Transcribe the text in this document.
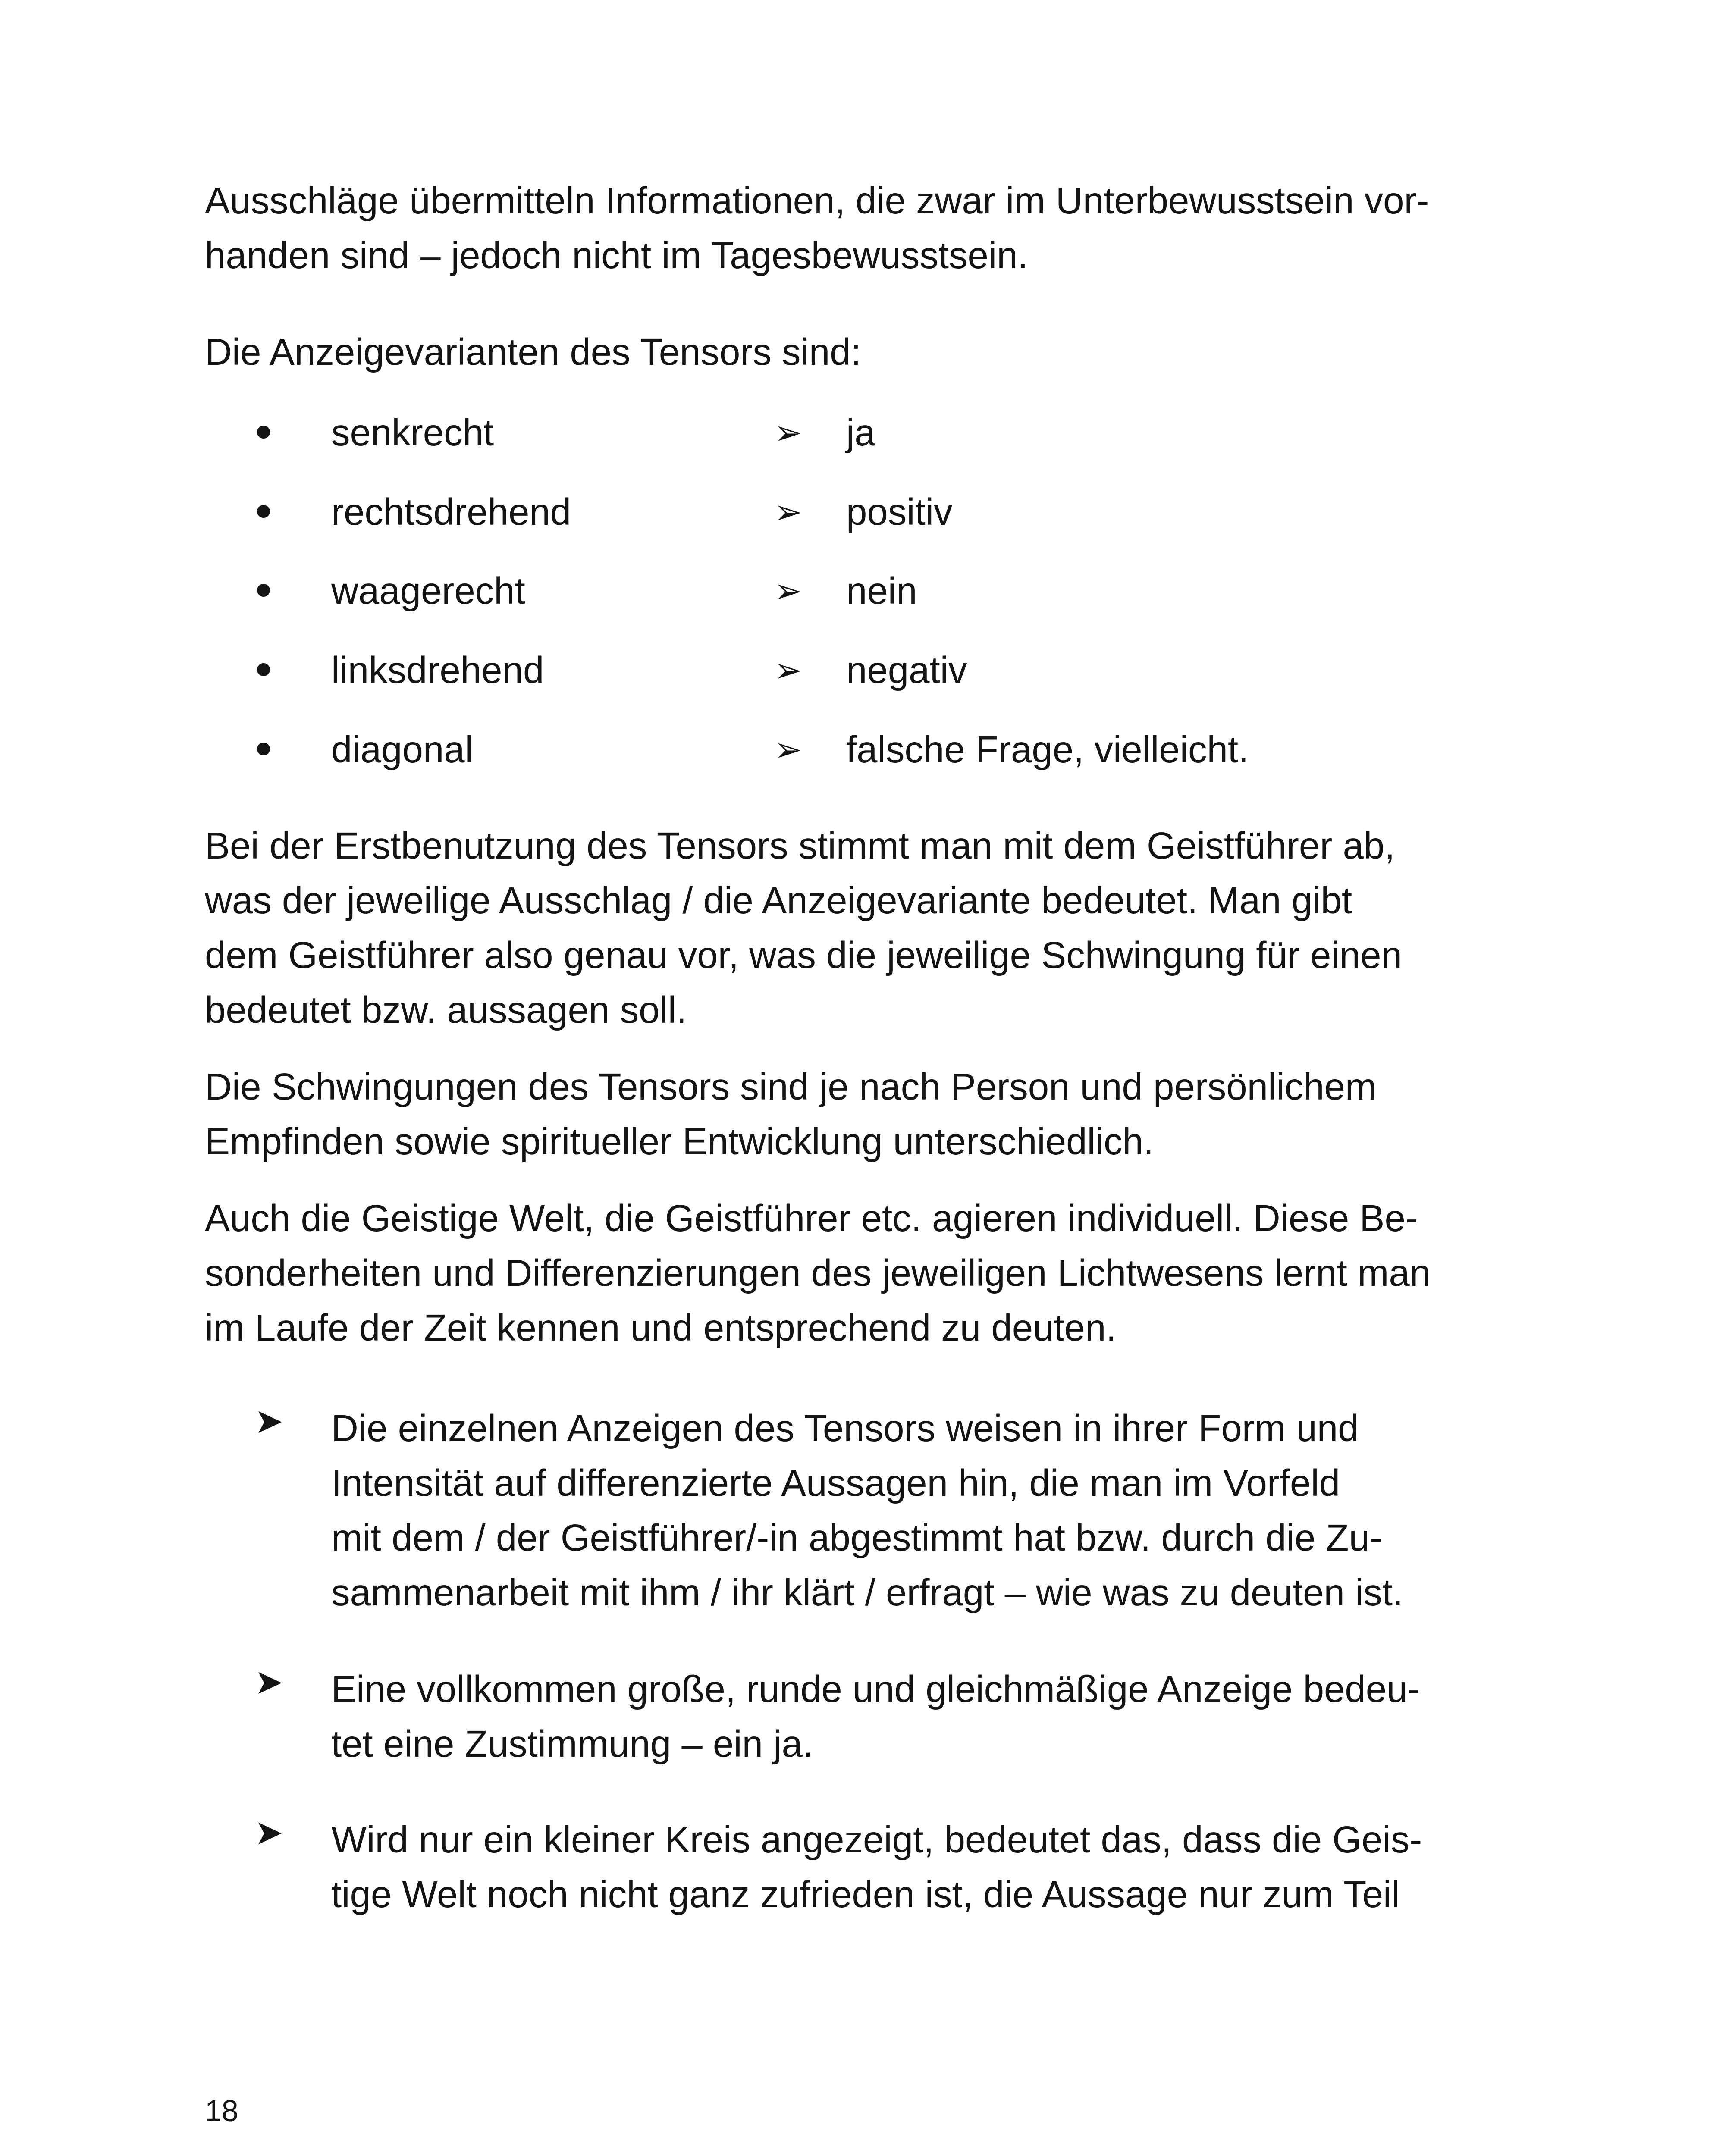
Ausschläge übermitteln Informationen, die zwar im Unterbewusstsein vor-
handen sind – jedoch nicht im Tagesbewusstsein.
Die Anzeigevarianten des Tensors sind:
senkrecht	➢ ja
rechtsdrehend	➢ positiv
waagerecht	➢ nein
linksdrehend	➢ negativ
diagonal	➢ falsche Frage, vielleicht.
Bei der Erstbenutzung des Tensors stimmt man mit dem Geistführer ab,
was der jeweilige Ausschlag / die Anzeigevariante bedeutet. Man gibt
dem Geistführer also genau vor, was die jeweilige Schwingung für einen
bedeutet bzw. aussagen soll.
Die Schwingungen des Tensors sind je nach Person und persönlichem
Empfinden sowie spiritueller Entwicklung unterschiedlich.
Auch die Geistige Welt, die Geistführer etc. agieren individuell. Diese Be-
sonderheiten und Differenzierungen des jeweiligen Lichtwesens lernt man
im Laufe der Zeit kennen und entsprechend zu deuten.
➤ Die einzelnen Anzeigen des Tensors weisen in ihrer Form und
Intensität auf differenzierte Aussagen hin, die man im Vorfeld
mit dem / der Geistführer/-in abgestimmt hat bzw. durch die Zu-
sammenarbeit mit ihm / ihr klärt / erfragt – wie was zu deuten ist.
➤ Eine vollkommen große, runde und gleichmäßige Anzeige bedeu-
tet eine Zustimmung – ein ja.
➤ Wird nur ein kleiner Kreis angezeigt, bedeutet das, dass die Geis-
tige Welt noch nicht ganz zufrieden ist, die Aussage nur zum Teil
18
